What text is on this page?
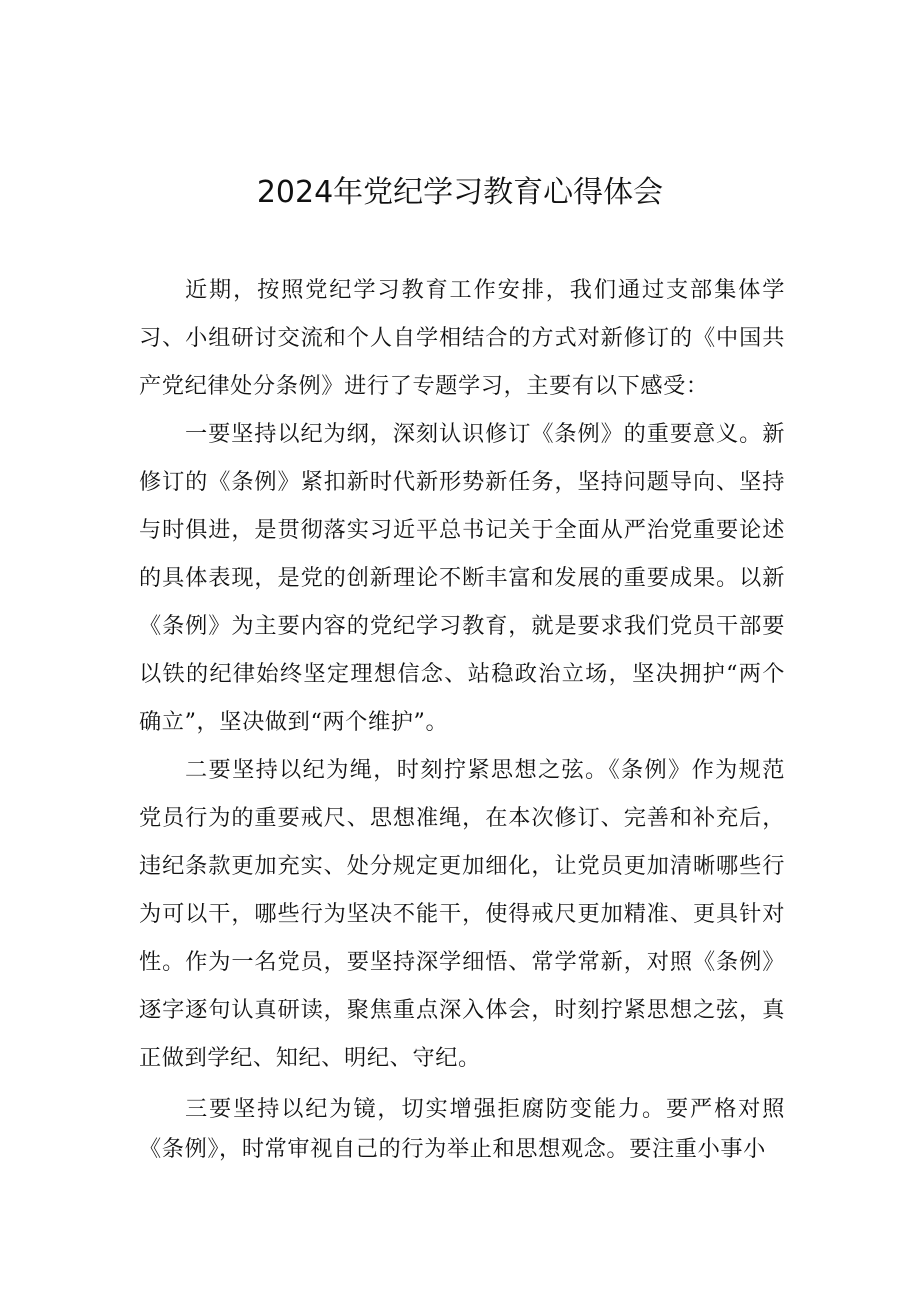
2024年党纪学习教育心得体会

近期，按照党纪学习教育工作安排，我们通过支部集体学习、小组研讨交流和个人自学相结合的方式对新修订的《中国共产党纪律处分条例》进行了专题学习，主要有以下感受：

一要坚持以纪为纲，深刻认识修订《条例》的重要意义。新修订的《条例》紧扣新时代新形势新任务，坚持问题导向、坚持与时俱进，是贯彻落实习近平总书记关于全面从严治党重要论述的具体表现，是党的创新理论不断丰富和发展的重要成果。以新《条例》为主要内容的党纪学习教育，就是要求我们党员干部要以铁的纪律始终坚定理想信念、站稳政治立场，坚决拥护“两个确立”，坚决做到“两个维护”。

二要坚持以纪为绳，时刻拧紧思想之弦。《条例》作为规范党员行为的重要戒尺、思想准绳，在本次修订、完善和补充后，违纪条款更加充实、处分规定更加细化，让党员更加清晰哪些行为可以干，哪些行为坚决不能干，使得戒尺更加精准、更具针对性。作为一名党员，要坚持深学细悟、常学常新，对照《条例》逐字逐句认真研读，聚焦重点深入体会，时刻拧紧思想之弦，真正做到学纪、知纪、明纪、守纪。

三要坚持以纪为镜，切实增强拒腐防变能力。要严格对照《条例》，时常审视自己的行为举止和思想观念。要注重小事小
